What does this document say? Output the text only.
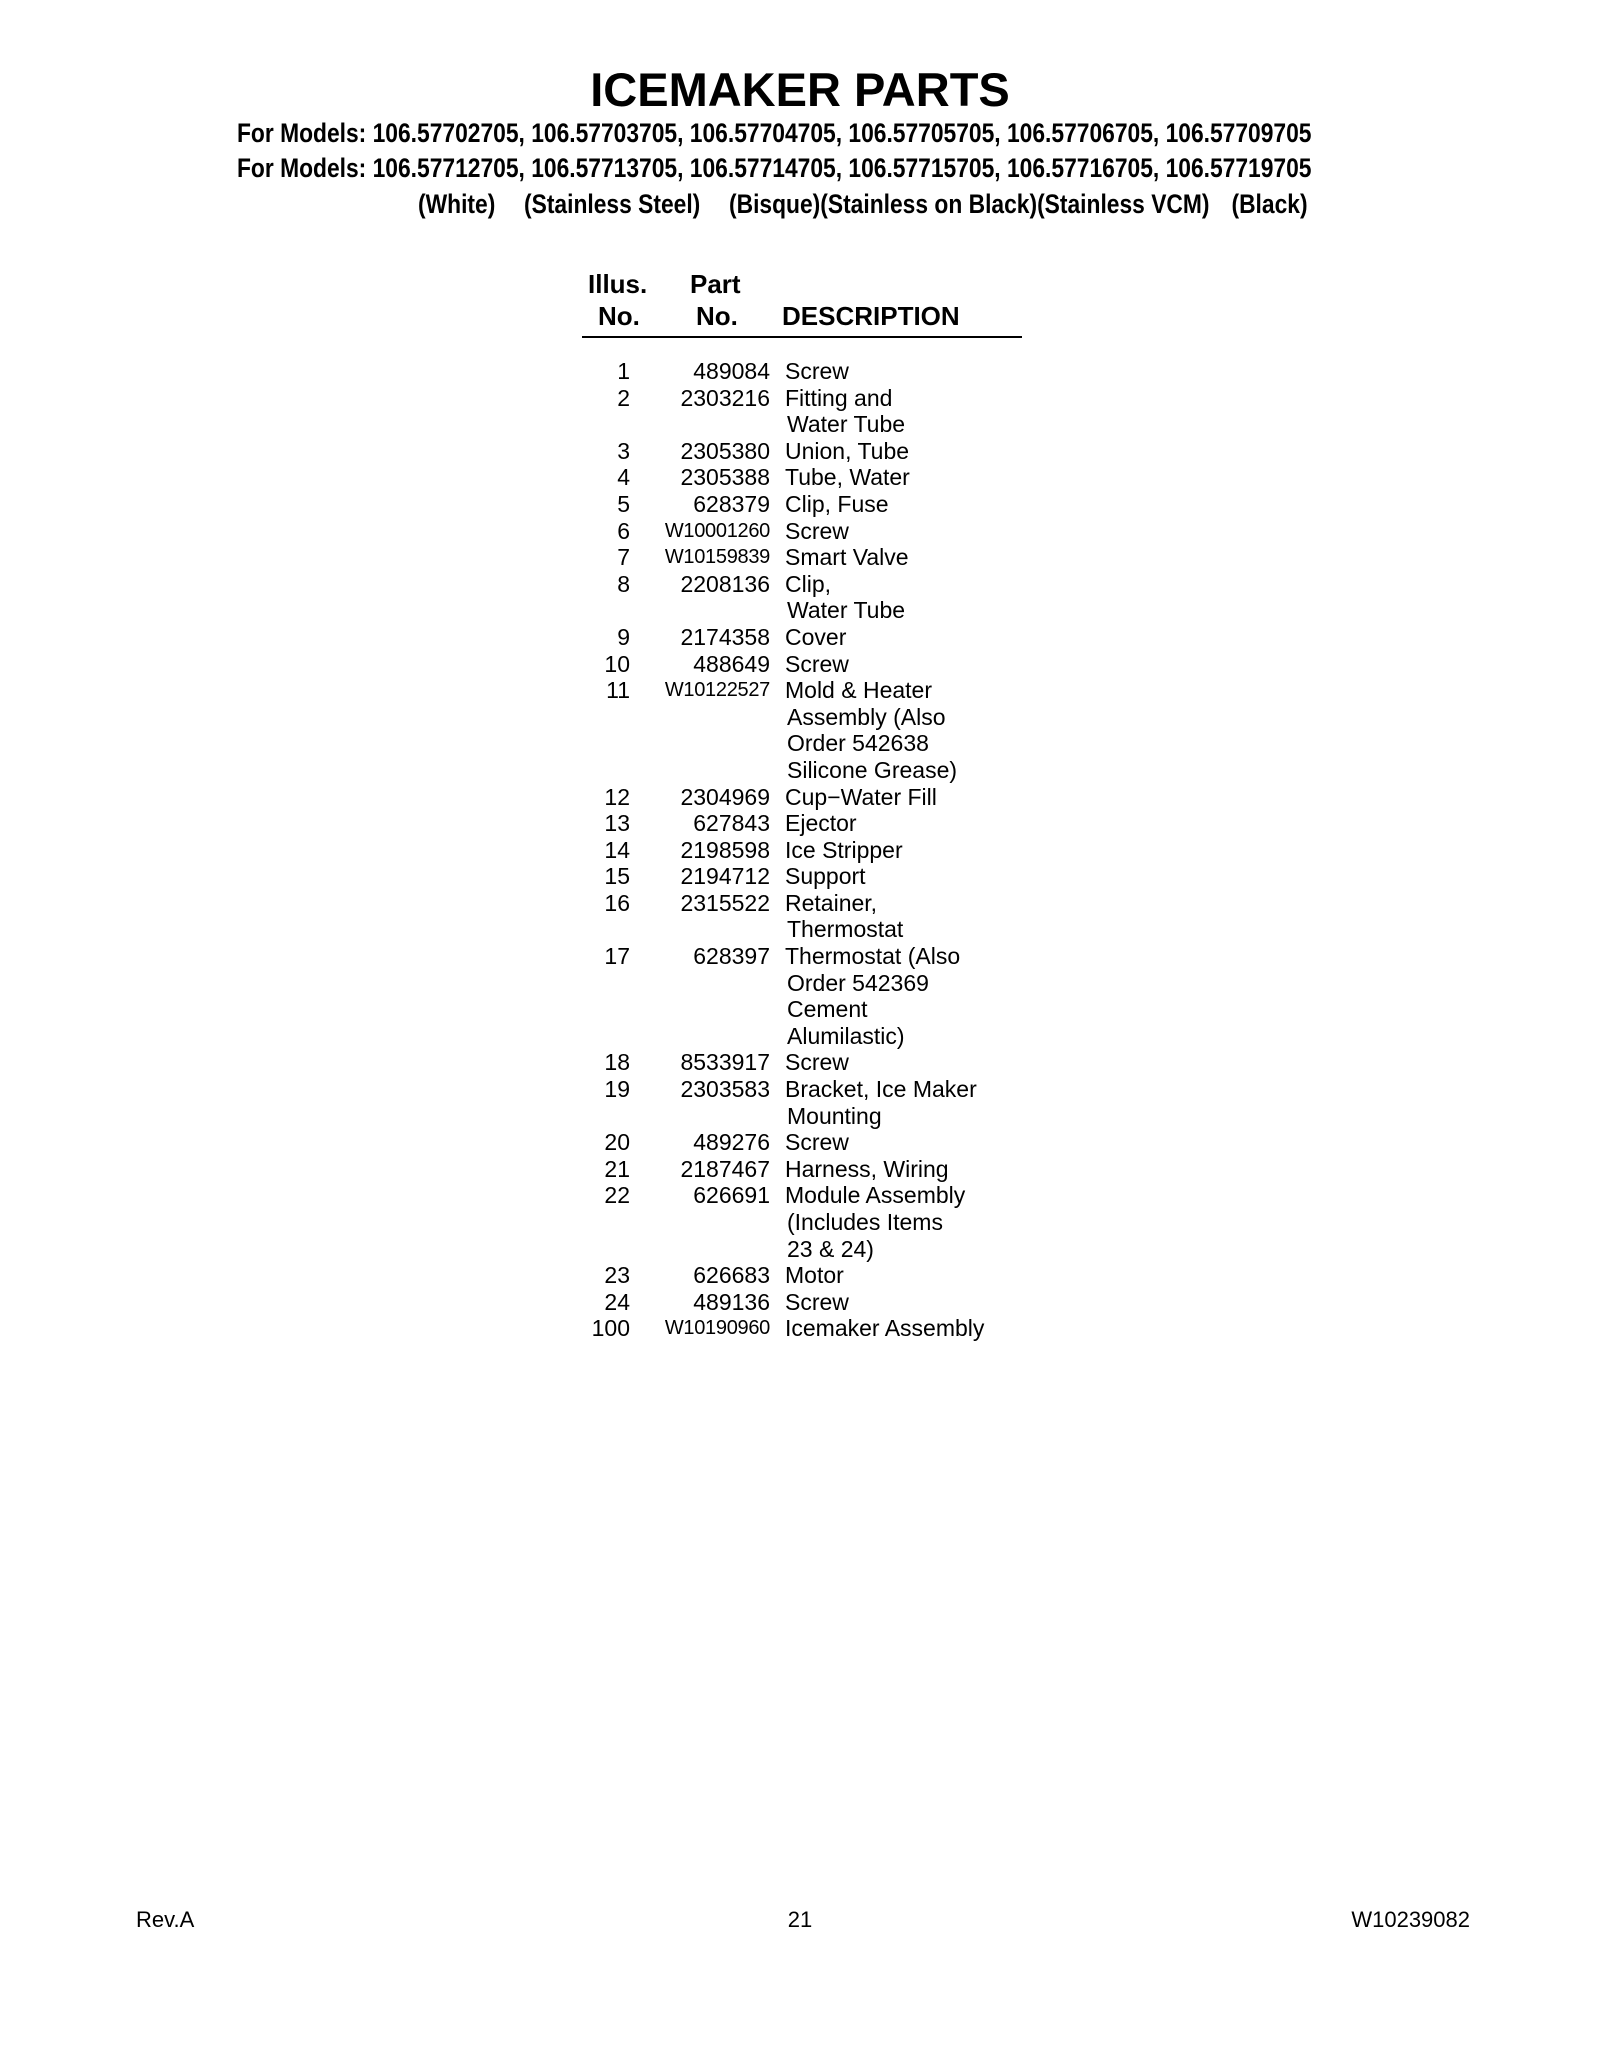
ICEMAKER PARTS
For Models: 106.57702705, 106.57703705, 106.57704705, 106.57705705, 106.57706705, 106.57709705
For Models: 106.57712705, 106.57713705, 106.57714705, 106.57715705, 106.57716705, 106.57719705
(White) (Stainless Steel) (Bisque)(Stainless on Black)(Stainless VCM) (Black)
Illus.
No.
Part
No. DESCRIPTION
1	489084 Screw
2	2303216 Fitting and
Water Tube
3	2305380 Union, Tube
4	2305388 Tube, Water
5	628379 Clip, Fuse
6	W10001260 Screw
7	W10159839 Smart Valve
8	2208136 Clip,
Water Tube
9	2174358 Cover
10	488649 Screw
11	W10122527 Mold & Heater
Assembly (Also
Order 542638
Silicone Grease)
12	2304969 Cup−Water Fill
13	627843 Ejector
14	2198598 Ice Stripper
15	2194712 Support
16	2315522 Retainer,
Thermostat
17	628397 Thermostat (Also
Order 542369
Cement
Alumilastic)
18	8533917 Screw
19	2303583 Bracket, Ice Maker
Mounting
20	489276 Screw
21	2187467 Harness, Wiring
22	626691 Module Assembly
(Includes Items
23 & 24)
23	626683 Motor
24	489136 Screw
100	W10190960 Icemaker Assembly
Rev.A	21	W10239082
